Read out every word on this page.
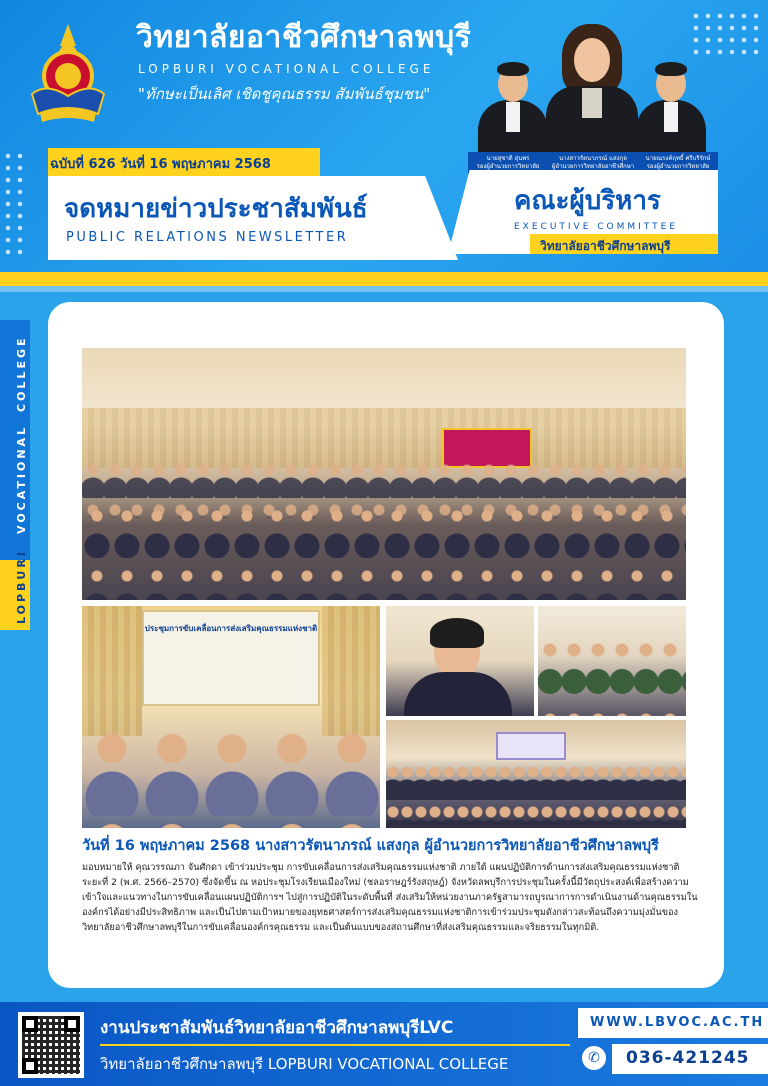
วิทยาลัยอาชีวศึกษาลพบุรี
LOPBURI VOCATIONAL COLLEGE
"ทักษะเป็นเลิศ เชิดชูคุณธรรม สัมพันธ์ชุมชน"
นายสุชาติ อุ่นพร
รองผู้อำนวยการวิทยาลัย
นางสาวรัตนาภรณ์ แสงกุล
ผู้อำนวยการวิทยาลัยอาชีวศึกษา
นายณรงค์ฤทธิ์ ศรีบริรักษ์
รองผู้อำนวยการวิทยาลัย
ฉบับที่ 626 วันที่ 16 พฤษภาคม 2568
จดหมายข่าวประชาสัมพันธ์
PUBLIC RELATIONS NEWSLETTER
คณะผู้บริหาร
EXECUTIVE COMMITTEE
วิทยาลัยอาชีวศึกษาลพบุรี
COLLEGE
VOCATIONAL
LOPBURI
ประชุมการขับเคลื่อนการส่งเสริมคุณธรรมแห่งชาติ
วันที่ 16 พฤษภาคม 2568 นางสาวรัตนาภรณ์ แสงกุล ผู้อำนวยการวิทยาลัยอาชีวศึกษาลพบุรี
มอบหมายให้ คุณวรรณภา จันศักดา เข้าร่วมประชุม การขับเคลื่อนการส่งเสริมคุณธรรมแห่งชาติ ภายใต้ แผนปฏิบัติการด้านการส่งเสริมคุณธรรมแห่งชาติ ระยะที่ 2 (พ.ศ. 2566–2570) ซึ่งจัดขึ้น ณ หอประชุมโรงเรียนเมืองใหม่ (ชลอราษฎร์รังสฤษฎ์) จังหวัดลพบุรีการประชุมในครั้งนี้มีวัตถุประสงค์เพื่อสร้างความเข้าใจและแนวทางในการขับเคลื่อนแผนปฏิบัติการฯ ไปสู่การปฏิบัติในระดับพื้นที่ ส่งเสริมให้หน่วยงานภาครัฐสามารถบูรณาการการดำเนินงานด้านคุณธรรมในองค์กรได้อย่างมีประสิทธิภาพ และเป็นไปตามเป้าหมายของยุทธศาสตร์การส่งเสริมคุณธรรมแห่งชาติการเข้าร่วมประชุมดังกล่าวสะท้อนถึงความมุ่งมั่นของวิทยาลัยอาชีวศึกษาลพบุรีในการขับเคลื่อนองค์กรคุณธรรม และเป็นต้นแบบของสถานศึกษาที่ส่งเสริมคุณธรรมและจริยธรรมในทุกมิติ.
งานประชาสัมพันธ์วิทยาลัยอาชีวศึกษาลพบุรีLVC
วิทยาลัยอาชีวศึกษาลพบุรี LOPBURI VOCATIONAL COLLEGE
WWW.LBVOC.AC.TH
✆	036-421245
